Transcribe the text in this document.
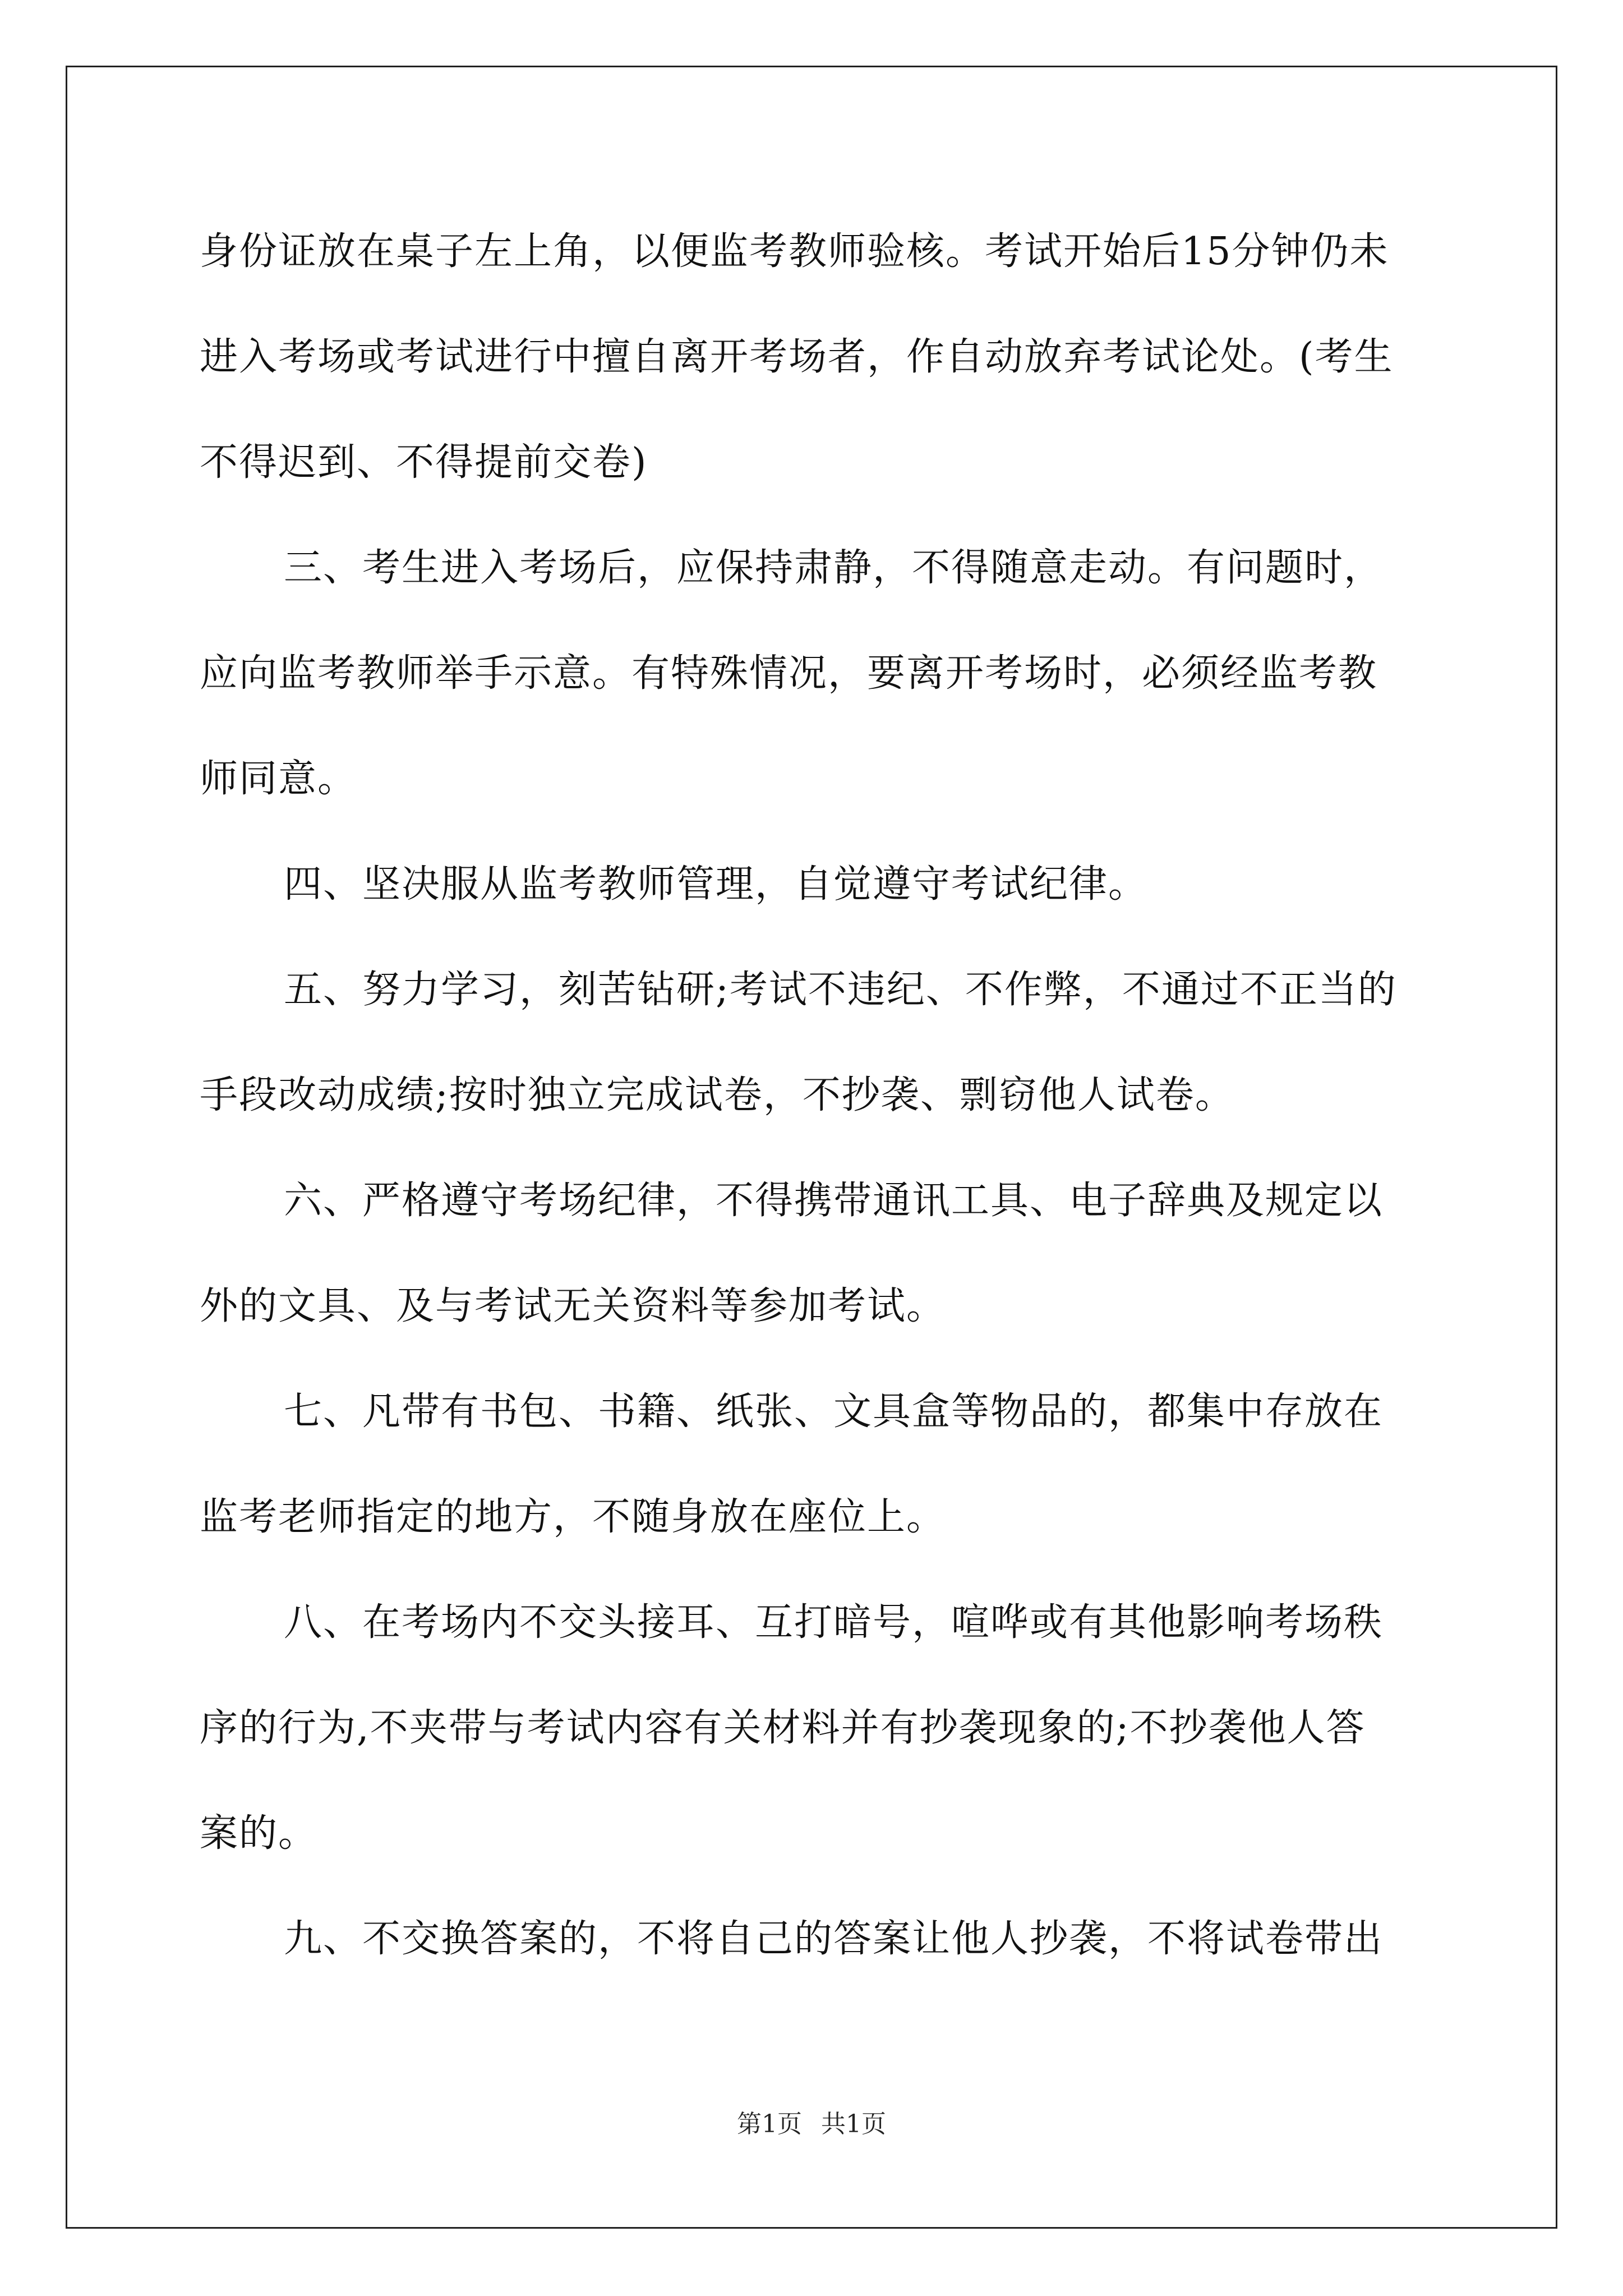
身份证放在桌子左上角，以便监考教师验核。考试开始后15分钟仍未

进入考场或考试进行中擅自离开考场者，作自动放弃考试论处。(考生

不得迟到、不得提前交卷)

三、考生进入考场后，应保持肃静，不得随意走动。有问题时，

应向监考教师举手示意。有特殊情况，要离开考场时，必须经监考教

师同意。

四、坚决服从监考教师管理，自觉遵守考试纪律。

五、努力学习，刻苦钻研;考试不违纪、不作弊，不通过不正当的

手段改动成绩;按时独立完成试卷，不抄袭、剽窃他人试卷。

六、严格遵守考场纪律，不得携带通讯工具、电子辞典及规定以

外的文具、及与考试无关资料等参加考试。

七、凡带有书包、书籍、纸张、文具盒等物品的，都集中存放在

监考老师指定的地方，不随身放在座位上。

八、在考场内不交头接耳、互打暗号，喧哗或有其他影响考场秩

序的行为,不夹带与考试内容有关材料并有抄袭现象的;不抄袭他人答

案的。

九、不交换答案的，不将自己的答案让他人抄袭，不将试卷带出

第1页 共1页
